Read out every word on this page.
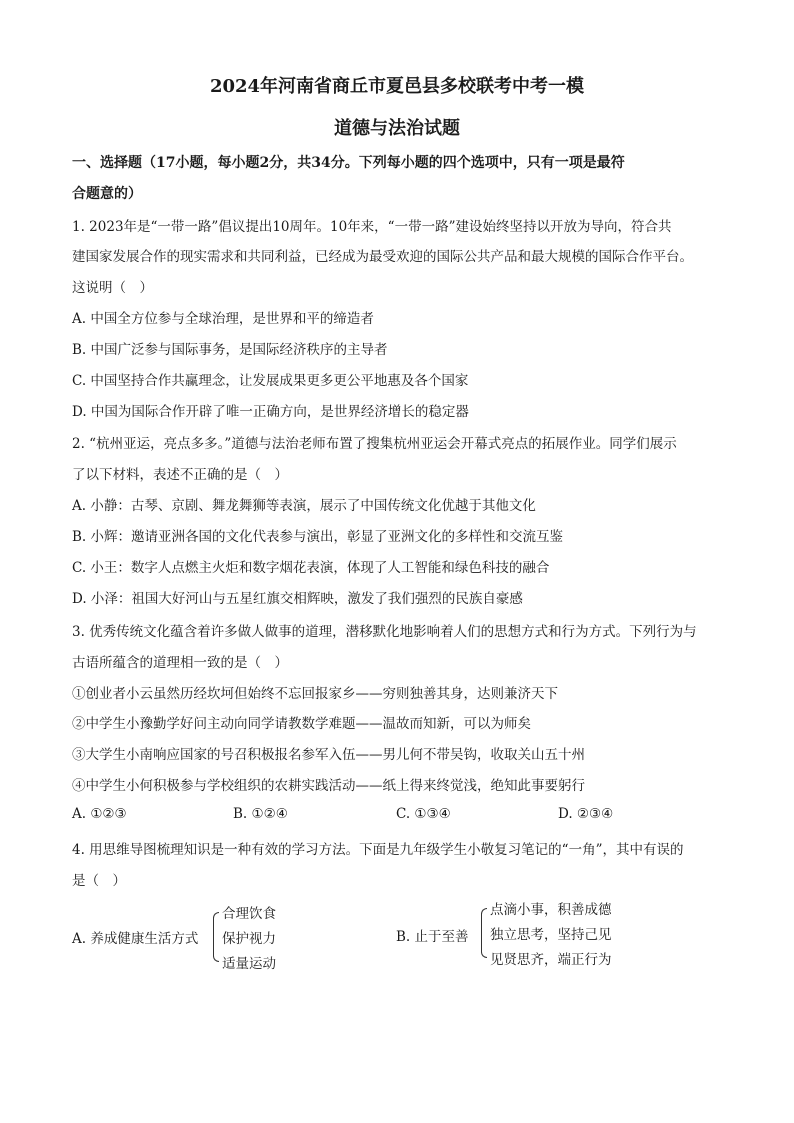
2024年河南省商丘市夏邑县多校联考中考一模
道德与法治试题
一、选择题（17小题，每小题2分，共34分。下列每小题的四个选项中，只有一项是最符
合题意的）
1. 2023年是“一带一路”倡议提出10周年。10年来，“一带一路”建设始终坚持以开放为导向，符合共
建国家发展合作的现实需求和共同利益，已经成为最受欢迎的国际公共产品和最大规模的国际合作平台。
这说明（　）
A. 中国全方位参与全球治理，是世界和平的缔造者
B. 中国广泛参与国际事务，是国际经济秩序的主导者
C. 中国坚持合作共赢理念，让发展成果更多更公平地惠及各个国家
D. 中国为国际合作开辟了唯一正确方向，是世界经济增长的稳定器
2. “杭州亚运，亮点多多。”道德与法治老师布置了搜集杭州亚运会开幕式亮点的拓展作业。同学们展示
了以下材料，表述不正确的是（　）
A. 小静：古琴、京剧、舞龙舞狮等表演，展示了中国传统文化优越于其他文化
B. 小辉：邀请亚洲各国的文化代表参与演出，彰显了亚洲文化的多样性和交流互鉴
C. 小王：数字人点燃主火炬和数字烟花表演，体现了人工智能和绿色科技的融合
D. 小泽：祖国大好河山与五星红旗交相辉映，激发了我们强烈的民族自豪感
3. 优秀传统文化蕴含着许多做人做事的道理，潜移默化地影响着人们的思想方式和行为方式。下列行为与
古语所蕴含的道理相一致的是（　）
①创业者小云虽然历经坎坷但始终不忘回报家乡——穷则独善其身，达则兼济天下
②中学生小豫勤学好问主动向同学请教数学难题——温故而知新，可以为师矣
③大学生小南响应国家的号召积极报名参军入伍——男儿何不带吴钩，收取关山五十州
④中学生小何积极参与学校组织的农耕实践活动——纸上得来终觉浅，绝知此事要躬行
A. ①②③	B. ①②④	C. ①③④	D. ②③④
4. 用思维导图梳理知识是一种有效的学习方法。下面是九年级学生小敬复习笔记的“一角”，其中有误的
是（　）
A. 养成健康生活方式
合理饮食
保护视力
适量运动
B. 止于至善
点滴小事，积善成德
独立思考，坚持己见
见贤思齐，端正行为
